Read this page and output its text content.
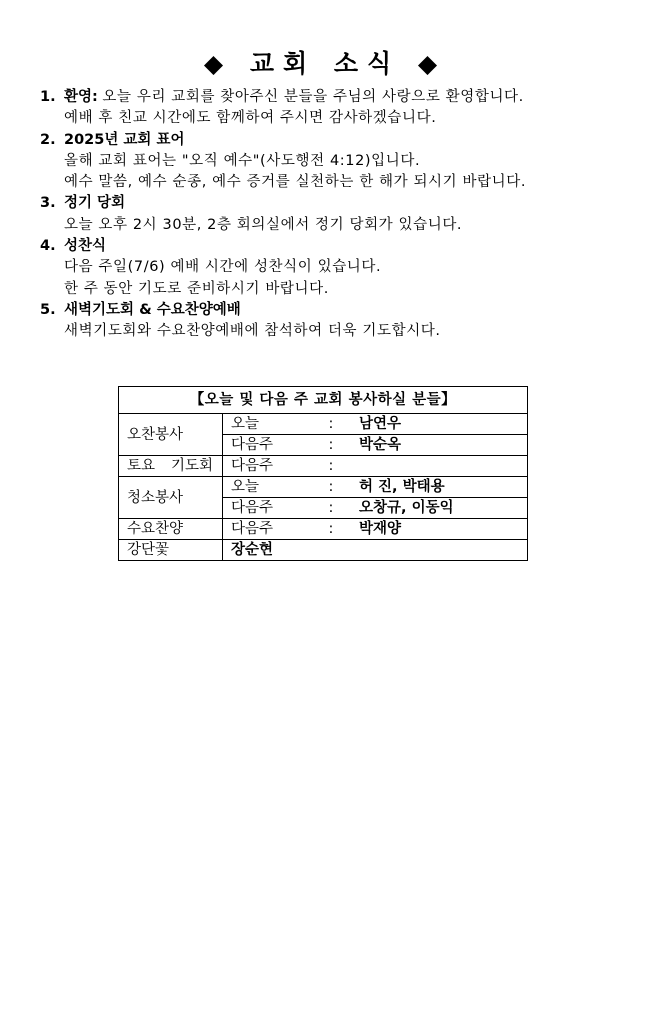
◆ 교회 소식 ◆
1. 환영: 오늘 우리 교회를 찾아주신 분들을 주님의 사랑으로 환영합니다.
예배 후 친교 시간에도 함께하여 주시면 감사하겠습니다.
2. 2025년 교회 표어
올해 교회 표어는 "오직 예수"(사도행전 4:12)입니다.
예수 말씀, 예수 순종, 예수 증거를 실천하는 한 해가 되시기 바랍니다.
3. 정기 당회
오늘 오후 2시 30분, 2층 회의실에서 정기 당회가 있습니다.
4. 성찬식
다음 주일(7/6) 예배 시간에 성찬식이 있습니다.
한 주 동안 기도로 준비하시기 바랍니다.
5. 새벽기도회 & 수요찬양예배
새벽기도회와 수요찬양예배에 참석하여 더욱 기도합시다.
【오늘 및 다음 주 교회 봉사하실 분들】	
오찬봉사	오늘 : 남연우
	다음주 : 박순옥
토요 기도회	다음주 :
청소봉사	오늘 : 허 진, 박태용
	다음주 : 오창규, 이동익
수요찬양	다음주 : 박재양
강단꽃	장순현
